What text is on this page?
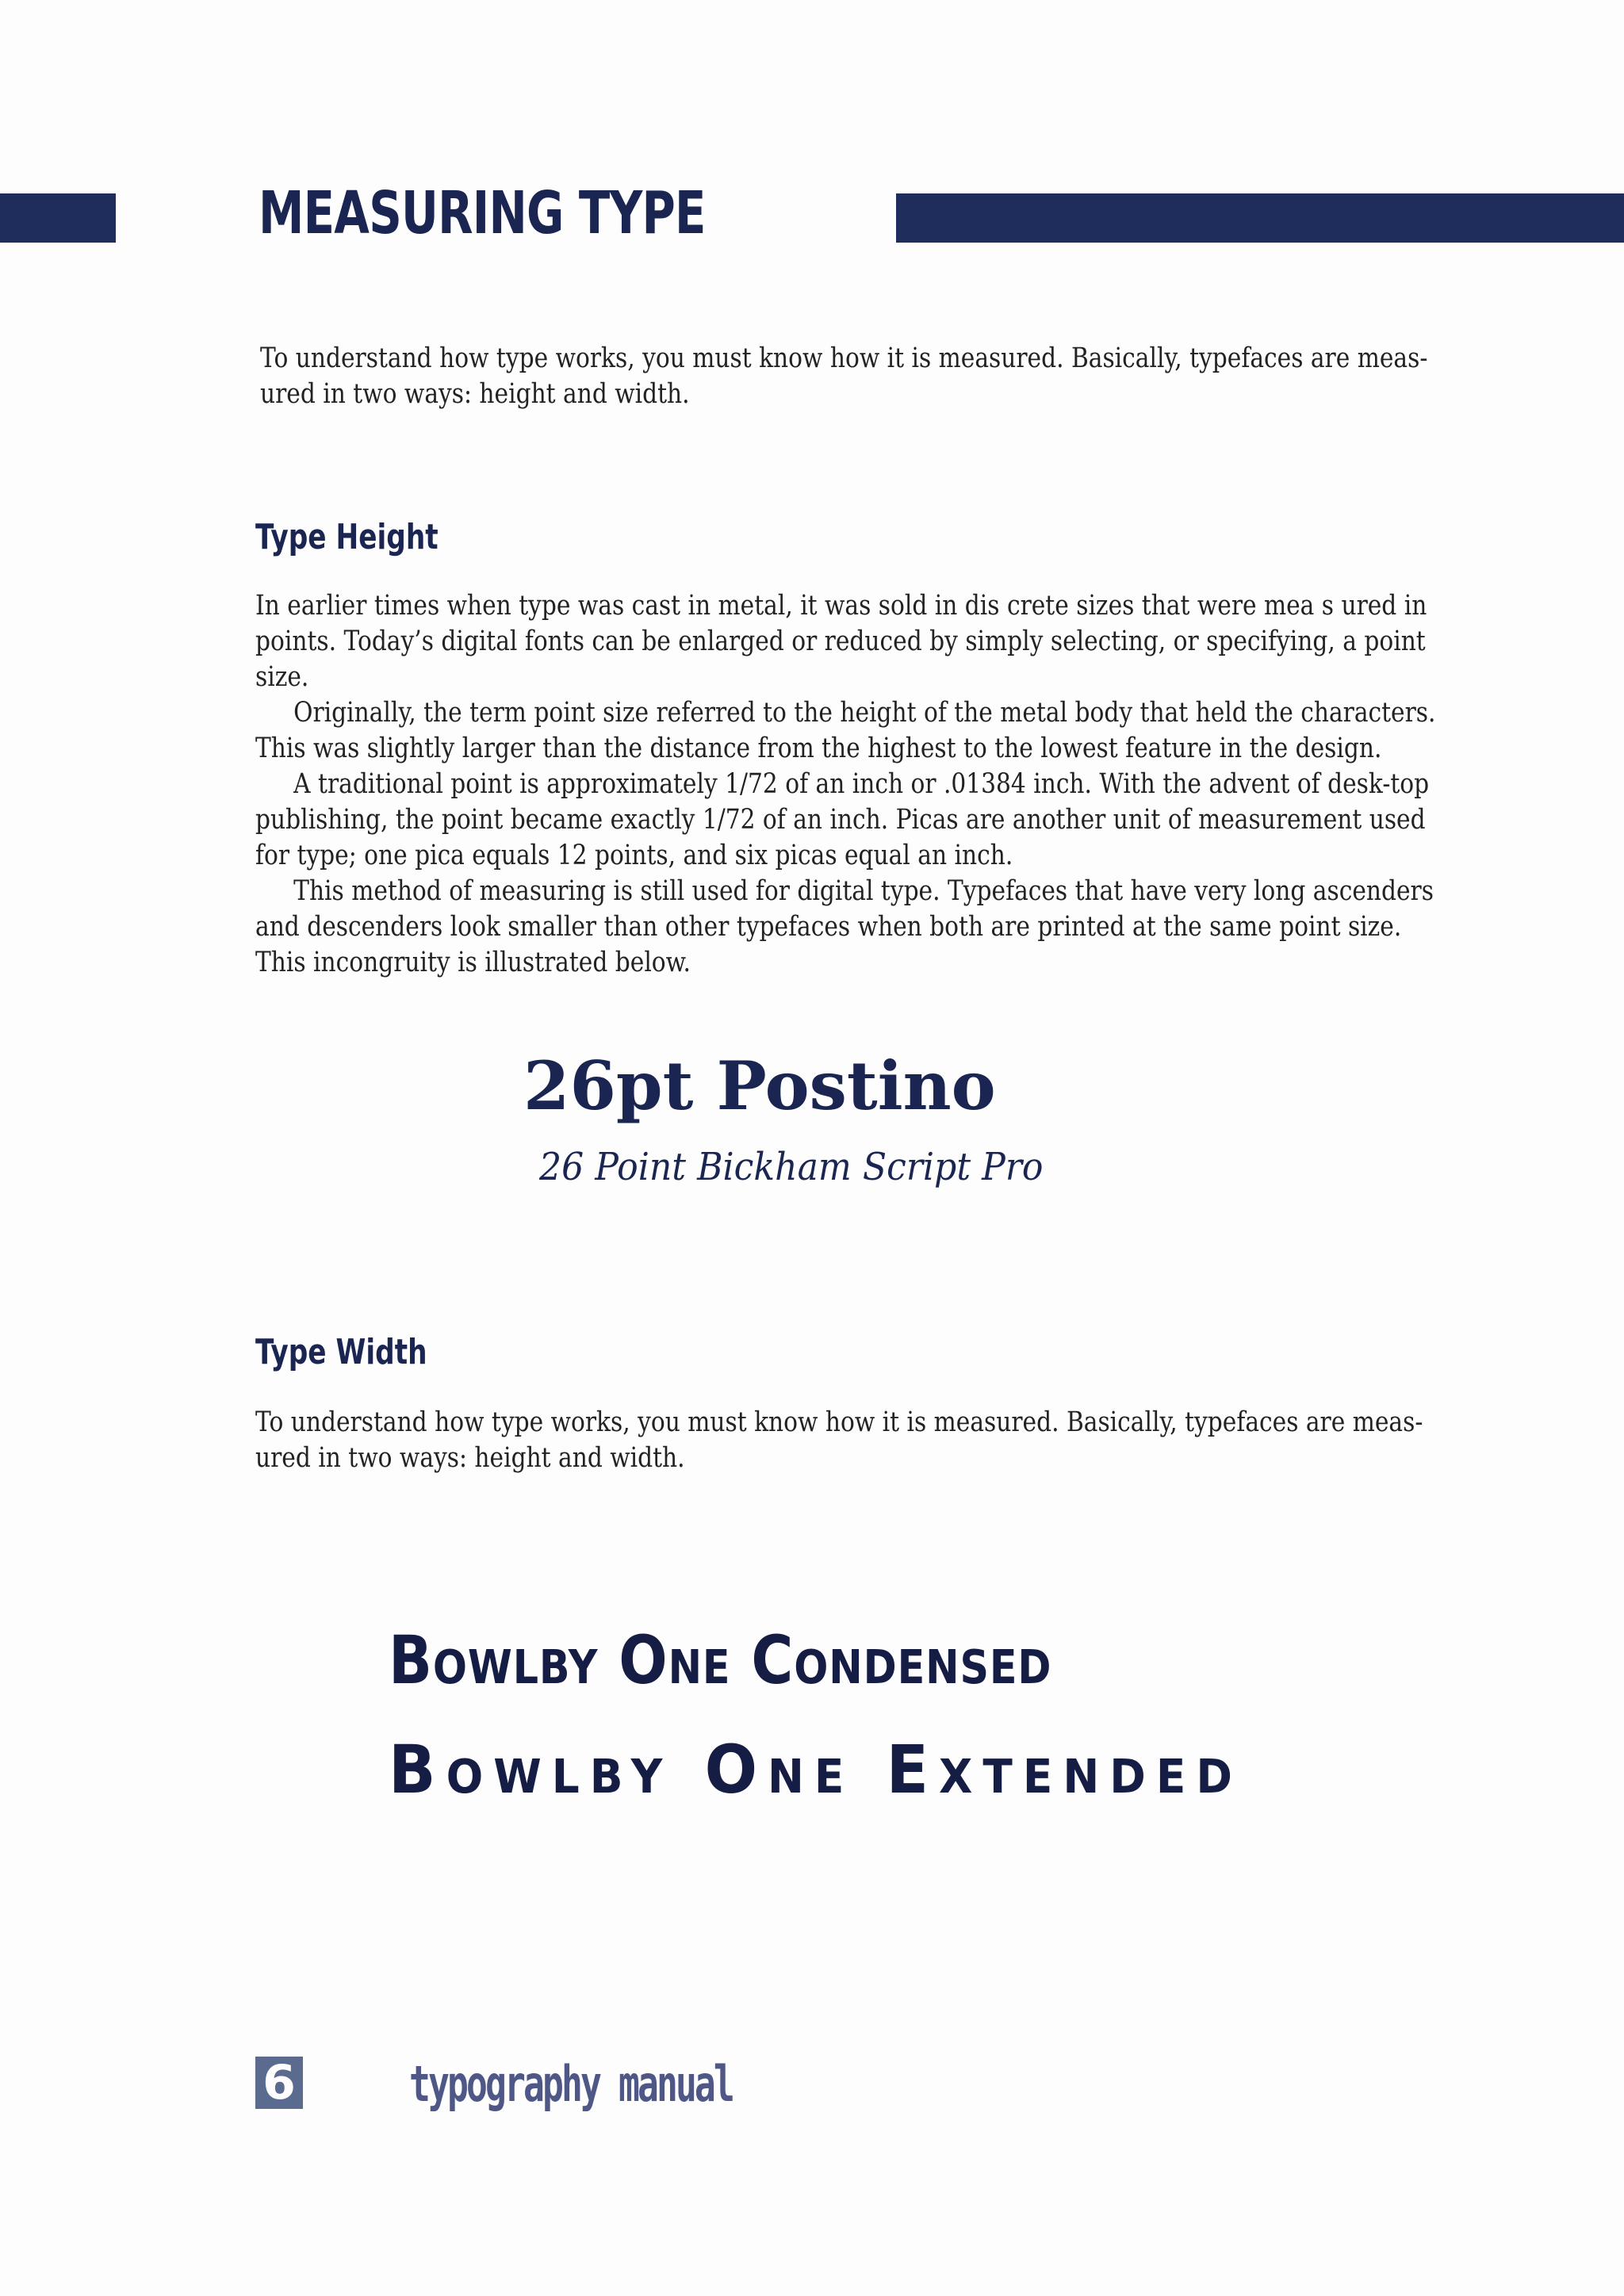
MEASURING TYPE

To understand how type works, you must know how it is measured. Basically, typefaces are meas-

ured in two ways: height and width.

Type Height

In earlier times when type was cast in metal, it was sold in dis crete sizes that were mea s ured in points. Today’s digital fonts can be enlarged or reduced by simply selecting, or specifying, a point size.

Originally, the term point size referred to the height of the metal body that held the characters. This was slightly larger than the distance from the highest to the lowest feature in the design.

A traditional point is approximately 1/72 of an inch or .01384 inch. With the advent of desk-top publishing, the point became exactly 1/72 of an inch. Picas are another unit of measurement used for type; one pica equals 12 points, and six picas equal an inch.

This method of measuring is still used for digital type. Typefaces that have very long ascenders and descenders look smaller than other typefaces when both are printed at the same point size. This incongruity is illustrated below.

26pt Postino
26 Point Bickham Script Pro
Type Width

To understand how type works, you must know how it is measured. Basically, typefaces are meas-

ured in two ways: height and width.

Bowlby One Condensed
Bowlby One Extended
6 typography manual
